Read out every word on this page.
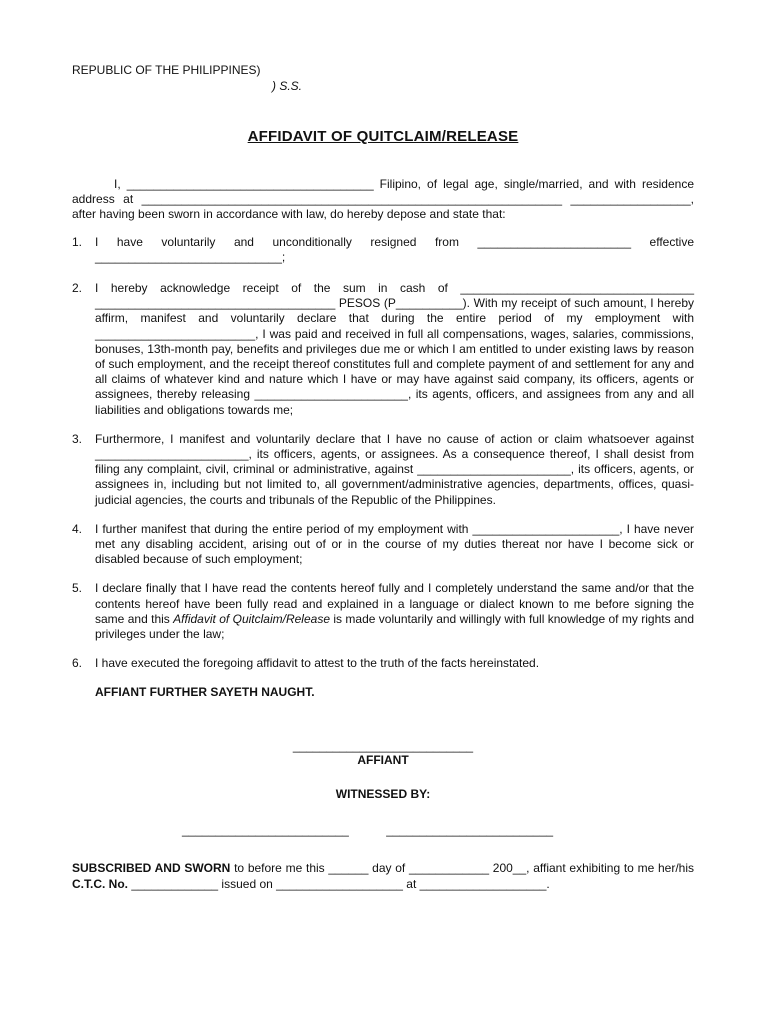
REPUBLIC OF THE PHILIPPINES)
) S.S.
AFFIDAVIT OF QUITCLAIM/RELEASE

I, _____________________________________ Filipino, of legal age, single/married, and with residence address at _______________________________________________________________ __________________, after having been sworn in accordance with law, do hereby depose and state that:

1. I have voluntarily and unconditionally resigned from _______________________ effective ____________________________;
2. I hereby acknowledge receipt of the sum in cash of ___________________________________ ____________________________________ PESOS (P__________). With my receipt of such amount, I hereby affirm, manifest and voluntarily declare that during the entire period of my employment with ________________________, I was paid and received in full all compensations, wages, salaries, commissions, bonuses, 13th-month pay, benefits and privileges due me or which I am entitled to under existing laws by reason of such employment, and the receipt thereof constitutes full and complete payment of and settlement for any and all claims of whatever kind and nature which I have or may have against said company, its officers, agents or assignees, thereby releasing _______________________, its agents, officers, and assignees from any and all liabilities and obligations towards me;
3. Furthermore, I manifest and voluntarily declare that I have no cause of action or claim whatsoever against _______________________, its officers, agents, or assignees. As a consequence thereof, I shall desist from filing any complaint, civil, criminal or administrative, against _______________________, its officers, agents, or assignees in, including but not limited to, all government/administrative agencies, departments, offices, quasi-judicial agencies, the courts and tribunals of the Republic of the Philippines.
4. I further manifest that during the entire period of my employment with ______________________, I have never met any disabling accident, arising out of or in the course of my duties thereat nor have I become sick or disabled because of such employment;
5. I declare finally that I have read the contents hereof fully and I completely understand the same and/or that the contents hereof have been fully read and explained in a language or dialect known to me before signing the same and this Affidavit of Quitclaim/Release is made voluntarily and willingly with full knowledge of my rights and privileges under the law;
6. I have executed the foregoing affidavit to attest to the truth of the facts hereinstated.
AFFIANT FURTHER SAYETH NAUGHT.
___________________________
AFFIANT
WITNESSED BY:
_________________________	_________________________

SUBSCRIBED AND SWORN to before me this ______ day of ____________ 200__, affiant exhibiting to me her/his C.T.C. No. _____________ issued on ___________________ at ___________________.
